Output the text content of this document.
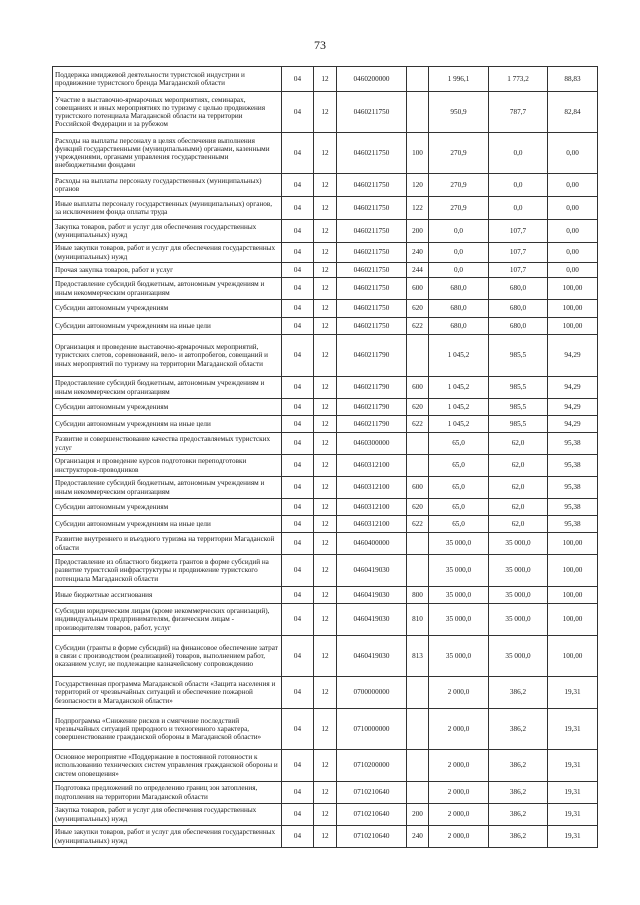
73
Поддержка имиджевой деятельности туристской индустрии и продвижение туристского бренда Магаданской области	04	12	0460200000		1 996,1	1 773,2	88,83
Участие в выставочно-ярмарочных мероприятиях, семинарах, совещаниях и иных мероприятиях по туризму с целью продвижения туристского потенциала Магаданской области на территории Российской Федерации и за рубежом	04	12	0460211750		950,9	787,7	82,84
Расходы на выплаты персоналу в целях обеспечения выполнения функций государственными (муниципальными) органами, казенными учреждениями, органами управления государственными внебюджетными фондами	04	12	0460211750	100	270,9	0,0	0,00
Расходы на выплаты персоналу государственных (муниципальных) органов	04	12	0460211750	120	270,9	0,0	0,00
Иные выплаты персоналу государственных (муниципальных) органов, за исключением фонда оплаты труда	04	12	0460211750	122	270,9	0,0	0,00
Закупка товаров, работ и услуг для обеспечения государственных (муниципальных) нужд	04	12	0460211750	200	0,0	107,7	0,00
Иные закупки товаров, работ и услуг для обеспечения государственных (муниципальных) нужд	04	12	0460211750	240	0,0	107,7	0,00
Прочая закупка товаров, работ и услуг	04	12	0460211750	244	0,0	107,7	0,00
Предоставление субсидий бюджетным, автономным учреждениям и иным некоммерческим организациям	04	12	0460211750	600	680,0	680,0	100,00
Субсидии автономным учреждениям	04	12	0460211750	620	680,0	680,0	100,00
Субсидии автономным учреждениям на иные цели	04	12	0460211750	622	680,0	680,0	100,00
Организация и проведение выставочно-ярмарочных мероприятий, туристских слетов, соревнований, вело- и автопробегов, совещаний и иных мероприятий по туризму на территории Магаданской области	04	12	0460211790		1 045,2	985,5	94,29
Предоставление субсидий бюджетным, автономным учреждениям и иным некоммерческим организациям	04	12	0460211790	600	1 045,2	985,5	94,29
Субсидии автономным учреждениям	04	12	0460211790	620	1 045,2	985,5	94,29
Субсидии автономным учреждениям на иные цели	04	12	0460211790	622	1 045,2	985,5	94,29
Развитие и совершенствование качества предоставляемых туристских услуг	04	12	0460300000		65,0	62,0	95,38
Организация и проведение курсов подготовки переподготовки инструкторов-проводников	04	12	0460312100		65,0	62,0	95,38
Предоставление субсидий бюджетным, автономным учреждениям и иным некоммерческим организациям	04	12	0460312100	600	65,0	62,0	95,38
Субсидии автономным учреждениям	04	12	0460312100	620	65,0	62,0	95,38
Субсидии автономным учреждениям на иные цели	04	12	0460312100	622	65,0	62,0	95,38
Развитие внутреннего и въездного туризма на территории Магаданской области	04	12	0460400000		35 000,0	35 000,0	100,00
Предоставление из областного бюджета грантов в форме субсидий на развитие туристской инфраструктуры и продвижение туристского потенциала Магаданской области	04	12	0460419030		35 000,0	35 000,0	100,00
Иные бюджетные ассигнования	04	12	0460419030	800	35 000,0	35 000,0	100,00
Субсидии юридическим лицам (кроме некоммерческих организаций), индивидуальным предпринимателям, физическим лицам - производителям товаров, работ, услуг	04	12	0460419030	810	35 000,0	35 000,0	100,00
Субсидии (гранты в форме субсидий) на финансовое обеспечение затрат в связи с производством (реализацией) товаров, выполнением работ, оказанием услуг, не подлежащие казначейскому сопровождению	04	12	0460419030	813	35 000,0	35 000,0	100,00
Государственная программа Магаданской области «Защита населения и территорий от чрезвычайных ситуаций и обеспечение пожарной безопасности в Магаданской области»	04	12	0700000000		2 000,0	386,2	19,31
Подпрограмма «Снижение рисков и смягчение последствий чрезвычайных ситуаций природного и техногенного характера, совершенствование гражданской обороны в Магаданской области»	04	12	0710000000		2 000,0	386,2	19,31
Основное мероприятие «Поддержание в постоянной готовности к использованию технических систем управления гражданской обороны и систем оповещения»	04	12	0710200000		2 000,0	386,2	19,31
Подготовка предложений по определению границ зон затопления, подтопления на территории Магаданской области	04	12	0710210640		2 000,0	386,2	19,31
Закупка товаров, работ и услуг для обеспечения государственных (муниципальных) нужд	04	12	0710210640	200	2 000,0	386,2	19,31
Иные закупки товаров, работ и услуг для обеспечения государственных (муниципальных) нужд	04	12	0710210640	240	2 000,0	386,2	19,31
